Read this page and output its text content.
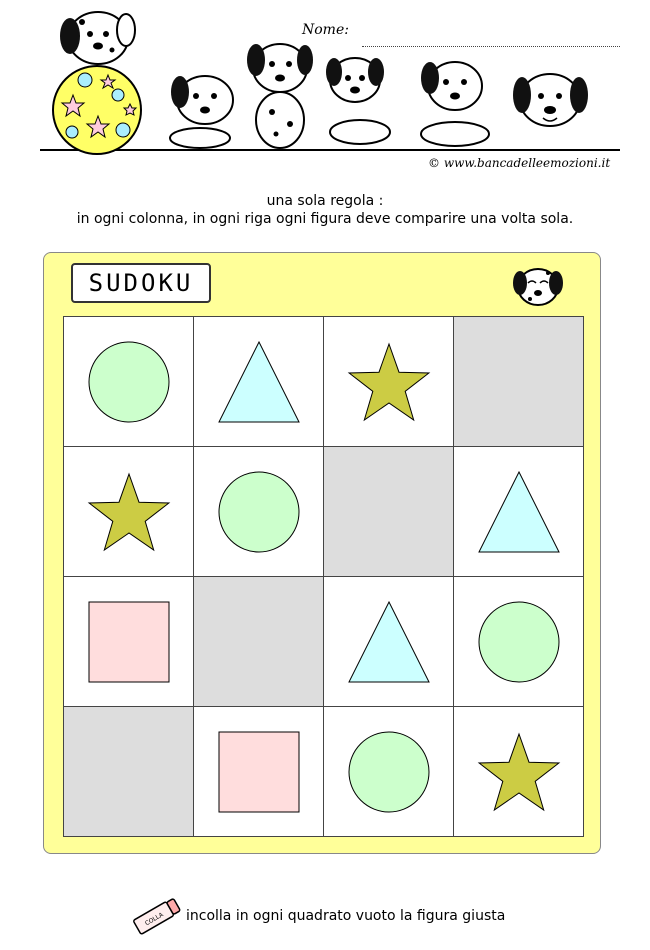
Nome:
© www.bancadelleemozioni.it
una sola regola :
in ogni colonna, in ogni riga ogni figura deve comparire una volta sola.
SUDOKU
COLLA incolla in ogni quadrato vuoto la figura giusta
